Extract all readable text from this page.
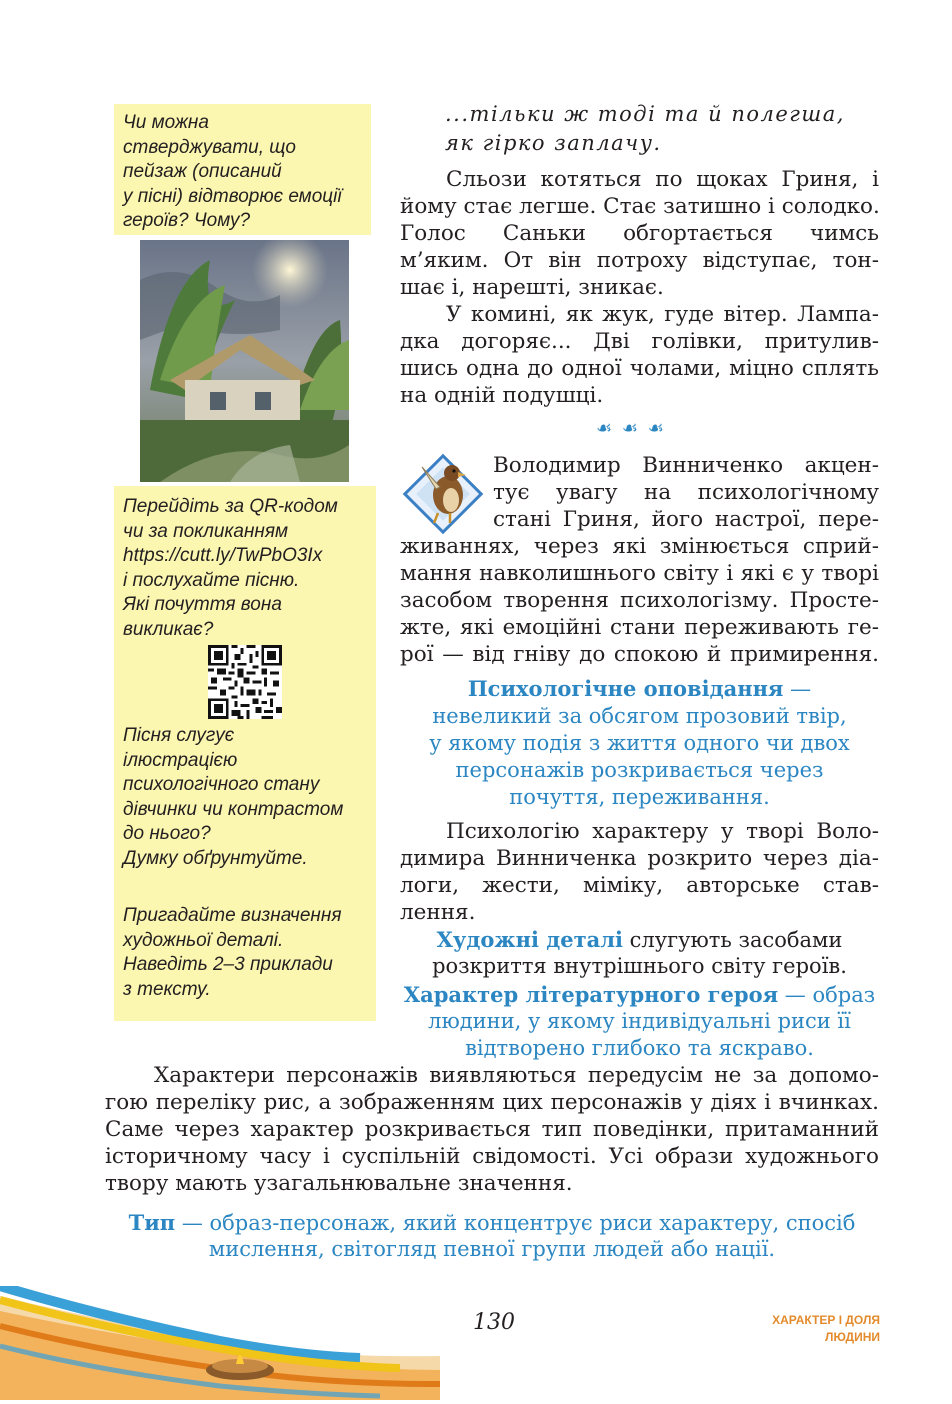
Чи можна

стверджувати, що

пейзаж (описаний

у пісні) відтворює емоції

героїв? Чому?

Перейдіть за QR-кодом

чи за покликанням

https://cutt.ly/TwPbO3Ix

і послухайте пісню.

Які почуття вона

викликає?

Пісня слугує

ілюстрацією

психологічного стану

дівчинки чи контрастом

до нього?

Думку обґрунтуйте.

Пригадайте визначення

художньої деталі.

Наведіть 2–3 приклади

з тексту.

...тільки ж тоді та й полегша,
як гірко заплачу.
Сльози котяться по щоках Гриня, і
йому стає легше. Стає затишно і солодко.
Голос Саньки обгортається чимсь
м’яким. От він потроху відступає, тон-
шає і, нарешті, зникає.
У комині, як жук, гуде вітер. Лампа-
дка догоряє... Дві голівки, притулив-
шись одна до одної чолами, міцно сплять
на одній подушці.
☙ ☙ ☙
Володимир Винниченко акцен-
тує увагу на психологічному
стані Гриня, його настрої, пере-
живаннях, через які змінюється сприй-
мання навколишнього світу і які є у творі
засобом творення психологізму. Просте-
жте, які емоційні стани переживають ге-
рої — від гніву до спокою й примирення.
Психологічне оповідання —
невеликий за обсягом прозовий твір,
у якому подія з життя одного чи двох
персонажів розкривається через
почуття, переживання.
Психологію характеру у творі Воло-
димира Винниченка розкрито через діа-
логи, жести, міміку, авторське став-
лення.
Художні деталі слугують засобами
розкриття внутрішнього світу героїв.
Характер літературного героя — образ
людини, у якому індивідуальні риси її
відтворено глибоко та яскраво.
Характери персонажів виявляються передусім не за допомо-
гою переліку рис, а зображенням цих персонажів у діях і вчинках.
Саме через характер розкривається тип поведінки, притаманний
історичному часу і суспільній свідомості. Усі образи художнього
твору мають узагальнювальне значення.
Тип — образ-персонаж, який концентрує риси характеру, спосіб
мислення, світогляд певної групи людей або нації.
130	ХАРАКТЕР І ДОЛЯ
ЛЮДИНИ
